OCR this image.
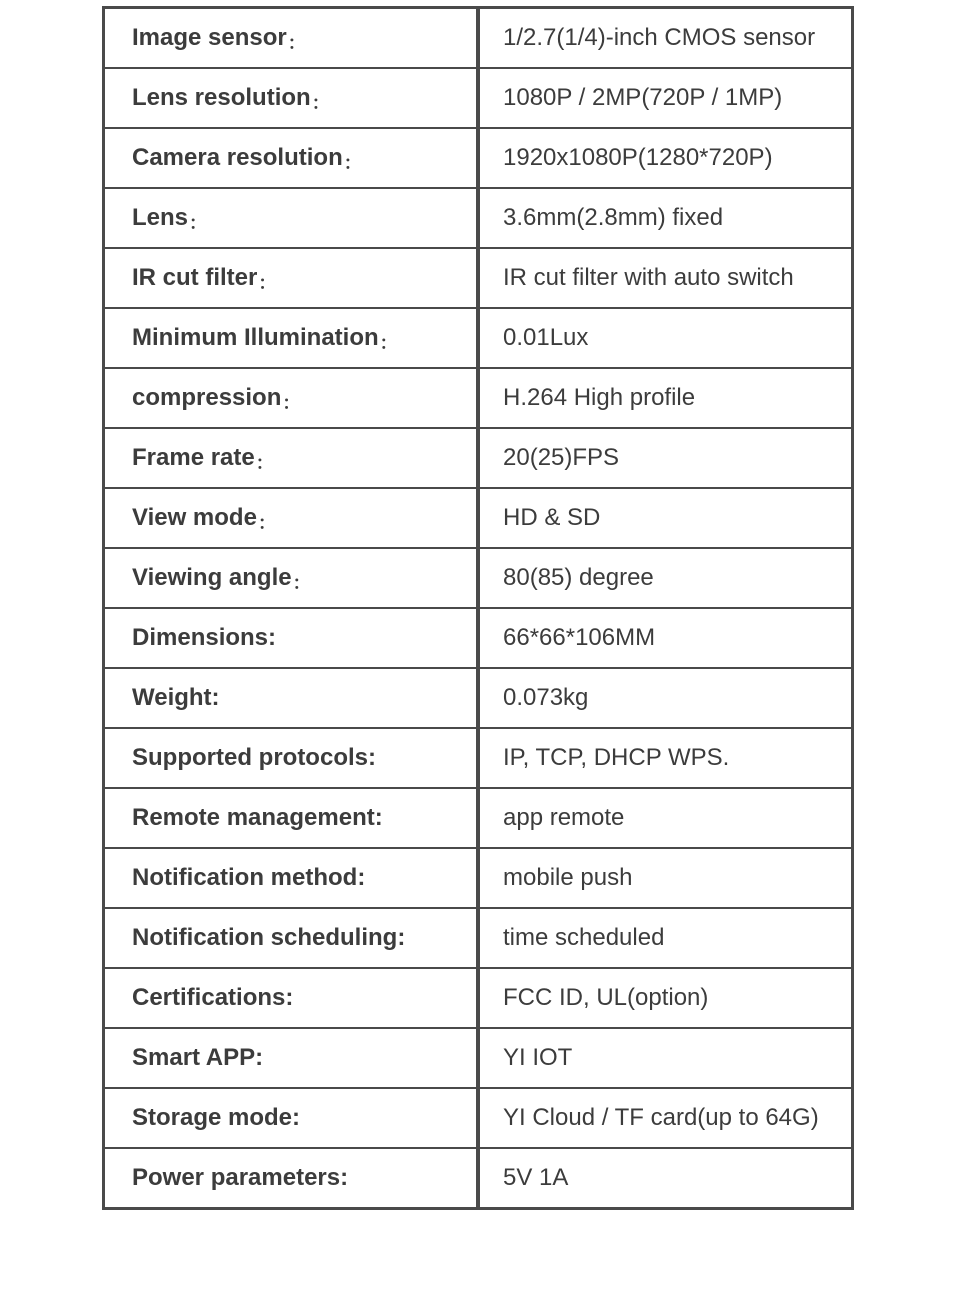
Image sensor ：	1/2.7(1/4)-inch CMOS sensor
Lens resolution ：	1080P / 2MP(720P / 1MP)
Camera resolution ：	1920x1080P(1280*720P)
Lens ：	3.6mm(2.8mm) fixed
IR cut filter ：	IR cut filter with auto switch
Minimum Illumination ：	0.01Lux
compression ：	H.264 High profile
Frame rate ：	20(25)FPS
View mode ：	HD & SD
Viewing angle ：	80(85) degree
Dimensions:	66*66*106MM
Weight:	0.073kg
Supported protocols:	IP, TCP, DHCP WPS.
Remote management:	app remote
Notification method:	mobile push
Notification scheduling:	time scheduled
Certifications:	FCC ID, UL(option)
Smart APP:	YI IOT
Storage mode:	YI Cloud / TF card(up to 64G)
Power parameters:	5V 1A
